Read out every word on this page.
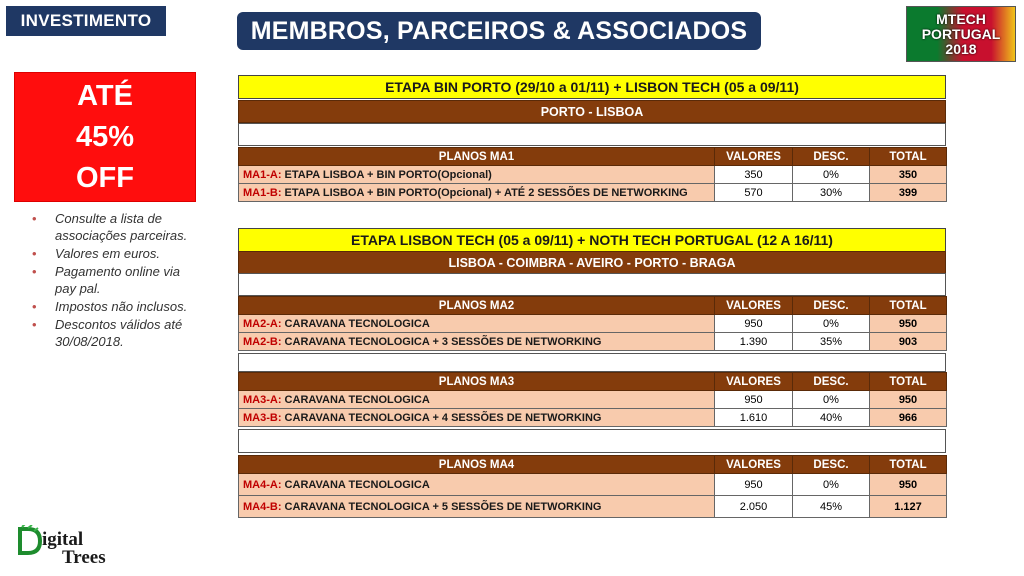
INVESTIMENTO	MEMBROS, PARCEIROS & ASSOCIADOS	MTECH
PORTUGAL
2018
ATÉ
45%
OFF
• Consulte a lista de associações parceiras.
• Valores em euros.
• Pagamento online via pay pal.
• Impostos não inclusos.
• Descontos válidos até 30/08/2018.
igital
Trees
ETAPA BIN PORTO (29/10 a 01/11) + LISBON TECH (05 a 09/11)
PORTO - LISBOA
PLANOS MA1	VALORES	DESC.	TOTAL
MA1-A: ETAPA LISBOA + BIN PORTO(Opcional)	350	0%	350
MA1-B: ETAPA LISBOA + BIN PORTO(Opcional) + ATÉ 2 SESSÕES DE NETWORKING	570	30%	399
ETAPA LISBON TECH (05 a 09/11) + NOTH TECH PORTUGAL (12 A 16/11)
LISBOA - COIMBRA - AVEIRO - PORTO - BRAGA
PLANOS MA2	VALORES	DESC.	TOTAL
MA2-A: CARAVANA TECNOLOGICA	950	0%	950
MA2-B: CARAVANA TECNOLOGICA + 3 SESSÕES DE NETWORKING	1.390	35%	903
PLANOS MA3	VALORES	DESC.	TOTAL
MA3-A: CARAVANA TECNOLOGICA	950	0%	950
MA3-B: CARAVANA TECNOLOGICA + 4 SESSÕES DE NETWORKING	1.610	40%	966
PLANOS MA4	VALORES	DESC.	TOTAL
MA4-A: CARAVANA TECNOLOGICA	950	0%	950
MA4-B: CARAVANA TECNOLOGICA + 5 SESSÕES DE NETWORKING	2.050	45%	1.127
